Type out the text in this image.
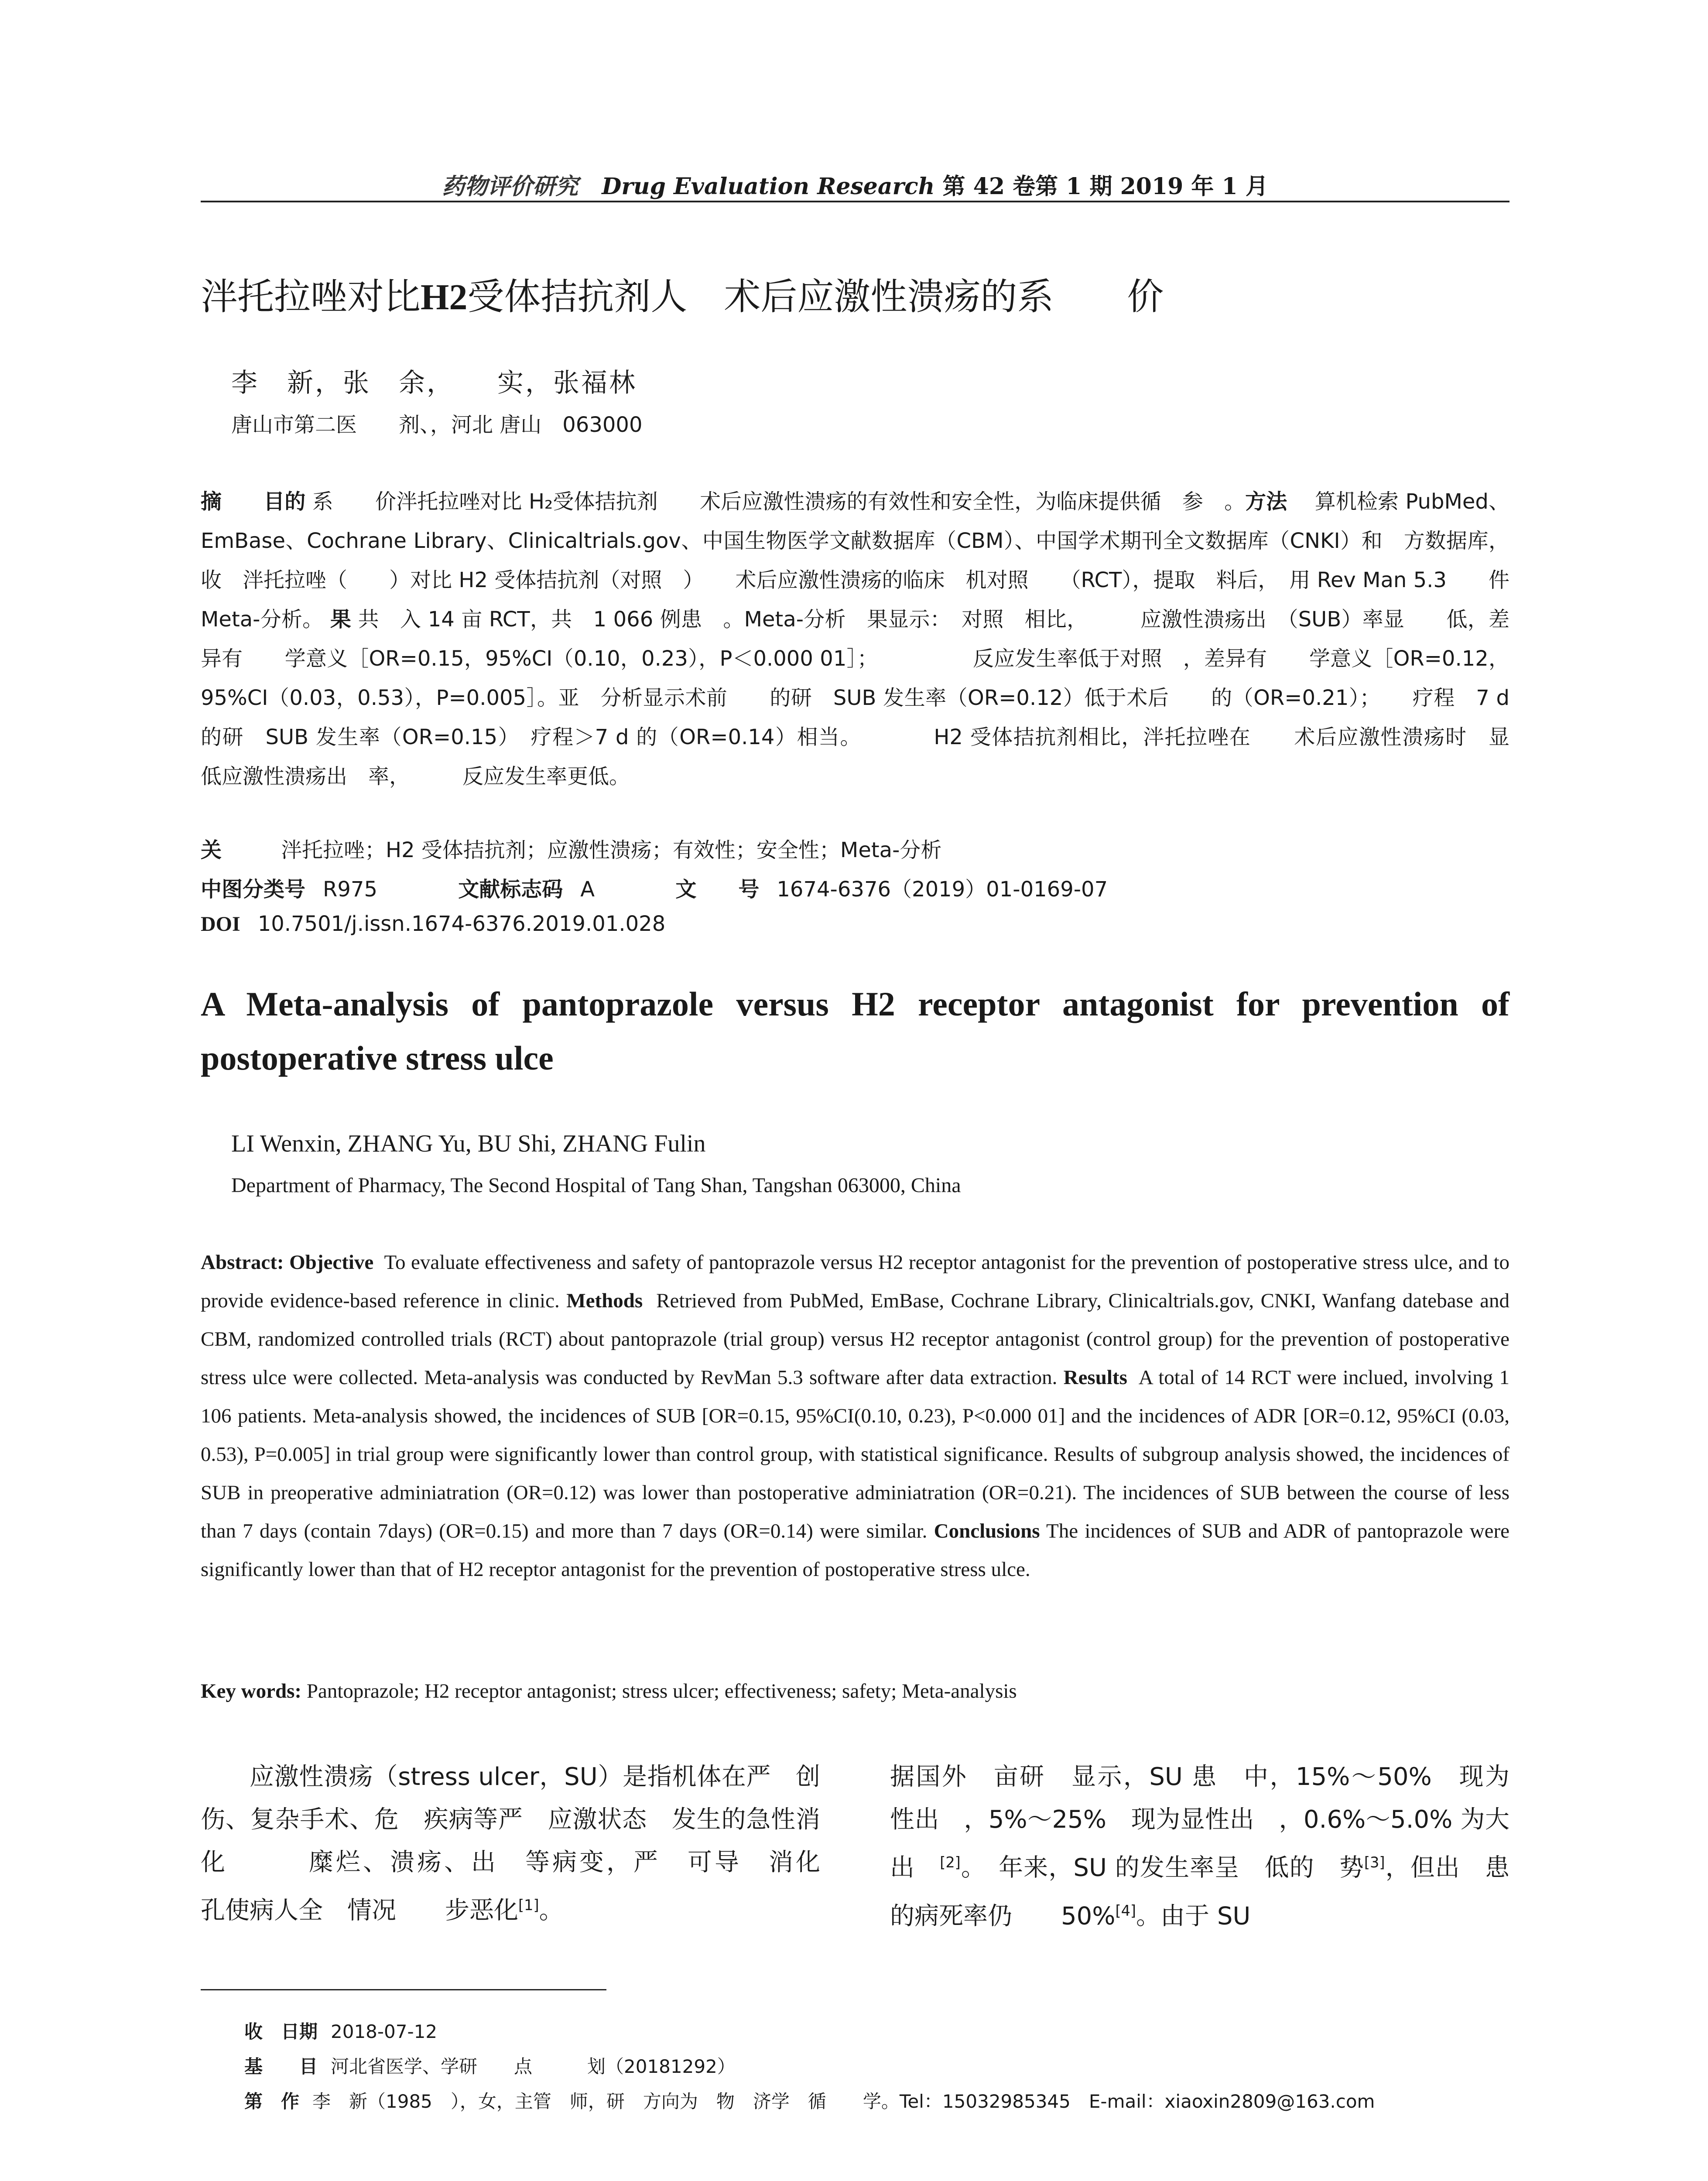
药物评价研究 Drug Evaluation Research 第 42 卷第 1 期 2019 年 1 月
泮托拉唑对比H2受体拮抗剂人　术后应激性溃疡的系　　价
李　新，张　余，　　实，张福林
唐山市第二医　　剂、，河北 唐山　063000
摘　　目的 系　　价泮托拉唑对比 H₂受体拮抗剂　　术后应激性溃疡的有效性和安全性，为临床提供循　参　。方法 　算机检索 PubMed、EmBase、Cochrane Library、Clinicaltrials.gov、中国生物医学文献数据库（CBM）、中国学术期刊全文数据库（CNKI）和　方数据库，收　泮托拉唑（　　）对比 H2 受体拮抗剂（对照　）　　术后应激性溃疡的临床　机对照　　（RCT），提取　料后，　用 Rev Man 5.3　　件　　Meta-分析。 果 共　入 14 亩 RCT，共　1 066 例患　。Meta-分析　果显示：　对照　相比，　　　应激性溃疡出　（SUB）率显　　低，差异有　　学意义［OR=0.15，95%CI（0.10，0.23），P＜0.000 01］；　　　　　反应发生率低于对照　，差异有　　学意义［OR=0.12，95%CI（0.03，0.53），P=0.005］。亚　分析显示术前　　的研　SUB 发生率（OR=0.12）低于术后　　的（OR=0.21）；　　疗程　7 d 的研　SUB 发生率（OR=0.15）　疗程＞7 d 的（OR=0.14）相当。 　　　H2 受体拮抗剂相比，泮托拉唑在　　术后应激性溃疡时　显　　低应激性溃疡出　率，　　　反应发生率更低。
关　　泮托拉唑；H2 受体拮抗剂；应激性溃疡；有效性；安全性；Meta-分析
中图分类号 R975	文献标志码 A	文　　号 1674-6376（2019）01-0169-07
DOI 10.7501/j.issn.1674-6376.2019.01.028
A Meta-analysis of pantoprazole versus H2 receptor antagonist for prevention of postoperative stress ulce
LI Wenxin, ZHANG Yu, BU Shi, ZHANG Fulin
Department of Pharmacy, The Second Hospital of Tang Shan, Tangshan 063000, China
Abstract: Objective To evaluate effectiveness and safety of pantoprazole versus H2 receptor antagonist for the prevention of postoperative stress ulce, and to provide evidence-based reference in clinic. Methods Retrieved from PubMed, EmBase, Cochrane Library, Clinicaltrials.gov, CNKI, Wanfang datebase and CBM, randomized controlled trials (RCT) about pantoprazole (trial group) versus H2 receptor antagonist (control group) for the prevention of postoperative stress ulce were collected. Meta-analysis was conducted by RevMan 5.3 software after data extraction. Results A total of 14 RCT were inclued, involving 1 106 patients. Meta-analysis showed, the incidences of SUB [OR=0.15, 95%CI(0.10, 0.23), P<0.000 01] and the incidences of ADR [OR=0.12, 95%CI (0.03, 0.53), P=0.005] in trial group were significantly lower than control group, with statistical significance. Results of subgroup analysis showed, the incidences of SUB in preoperative adminiatration (OR=0.12) was lower than postoperative adminiatration (OR=0.21). The incidences of SUB between the course of less than 7 days (contain 7days) (OR=0.15) and more than 7 days (OR=0.14) were similar. Conclusions The incidences of SUB and ADR of pantoprazole were significantly lower than that of H2 receptor antagonist for the prevention of postoperative stress ulce.
Key words: Pantoprazole; H2 receptor antagonist; stress ulcer; effectiveness; safety; Meta-analysis
应激性溃疡（stress ulcer，SU）是指机体在严　创伤、复杂手术、危　疾病等严　应激状态　发生的急性消化　　　糜烂、溃疡、出　等病变，严　可导　消化　　孔使病人全　情况　　步恶化[1]。
据国外　亩研　显示，SU 患　中，15%～50%　现为　性出　，5%～25%　现为显性出　，0.6%～5.0% 为大出　[2]。　年来，SU 的发生率呈　低的　势[3]，但出　患　的病死率仍　　50%[4]。由于 SU
收　日期 2018-07-12
基　　目 河北省医学、学研　　点　　　划（20181292）
第　作 李　新（1985　），女，主管　师，研　方向为　物　济学　循　　学。Tel：15032985345　E-mail：xiaoxin2809@163.com
